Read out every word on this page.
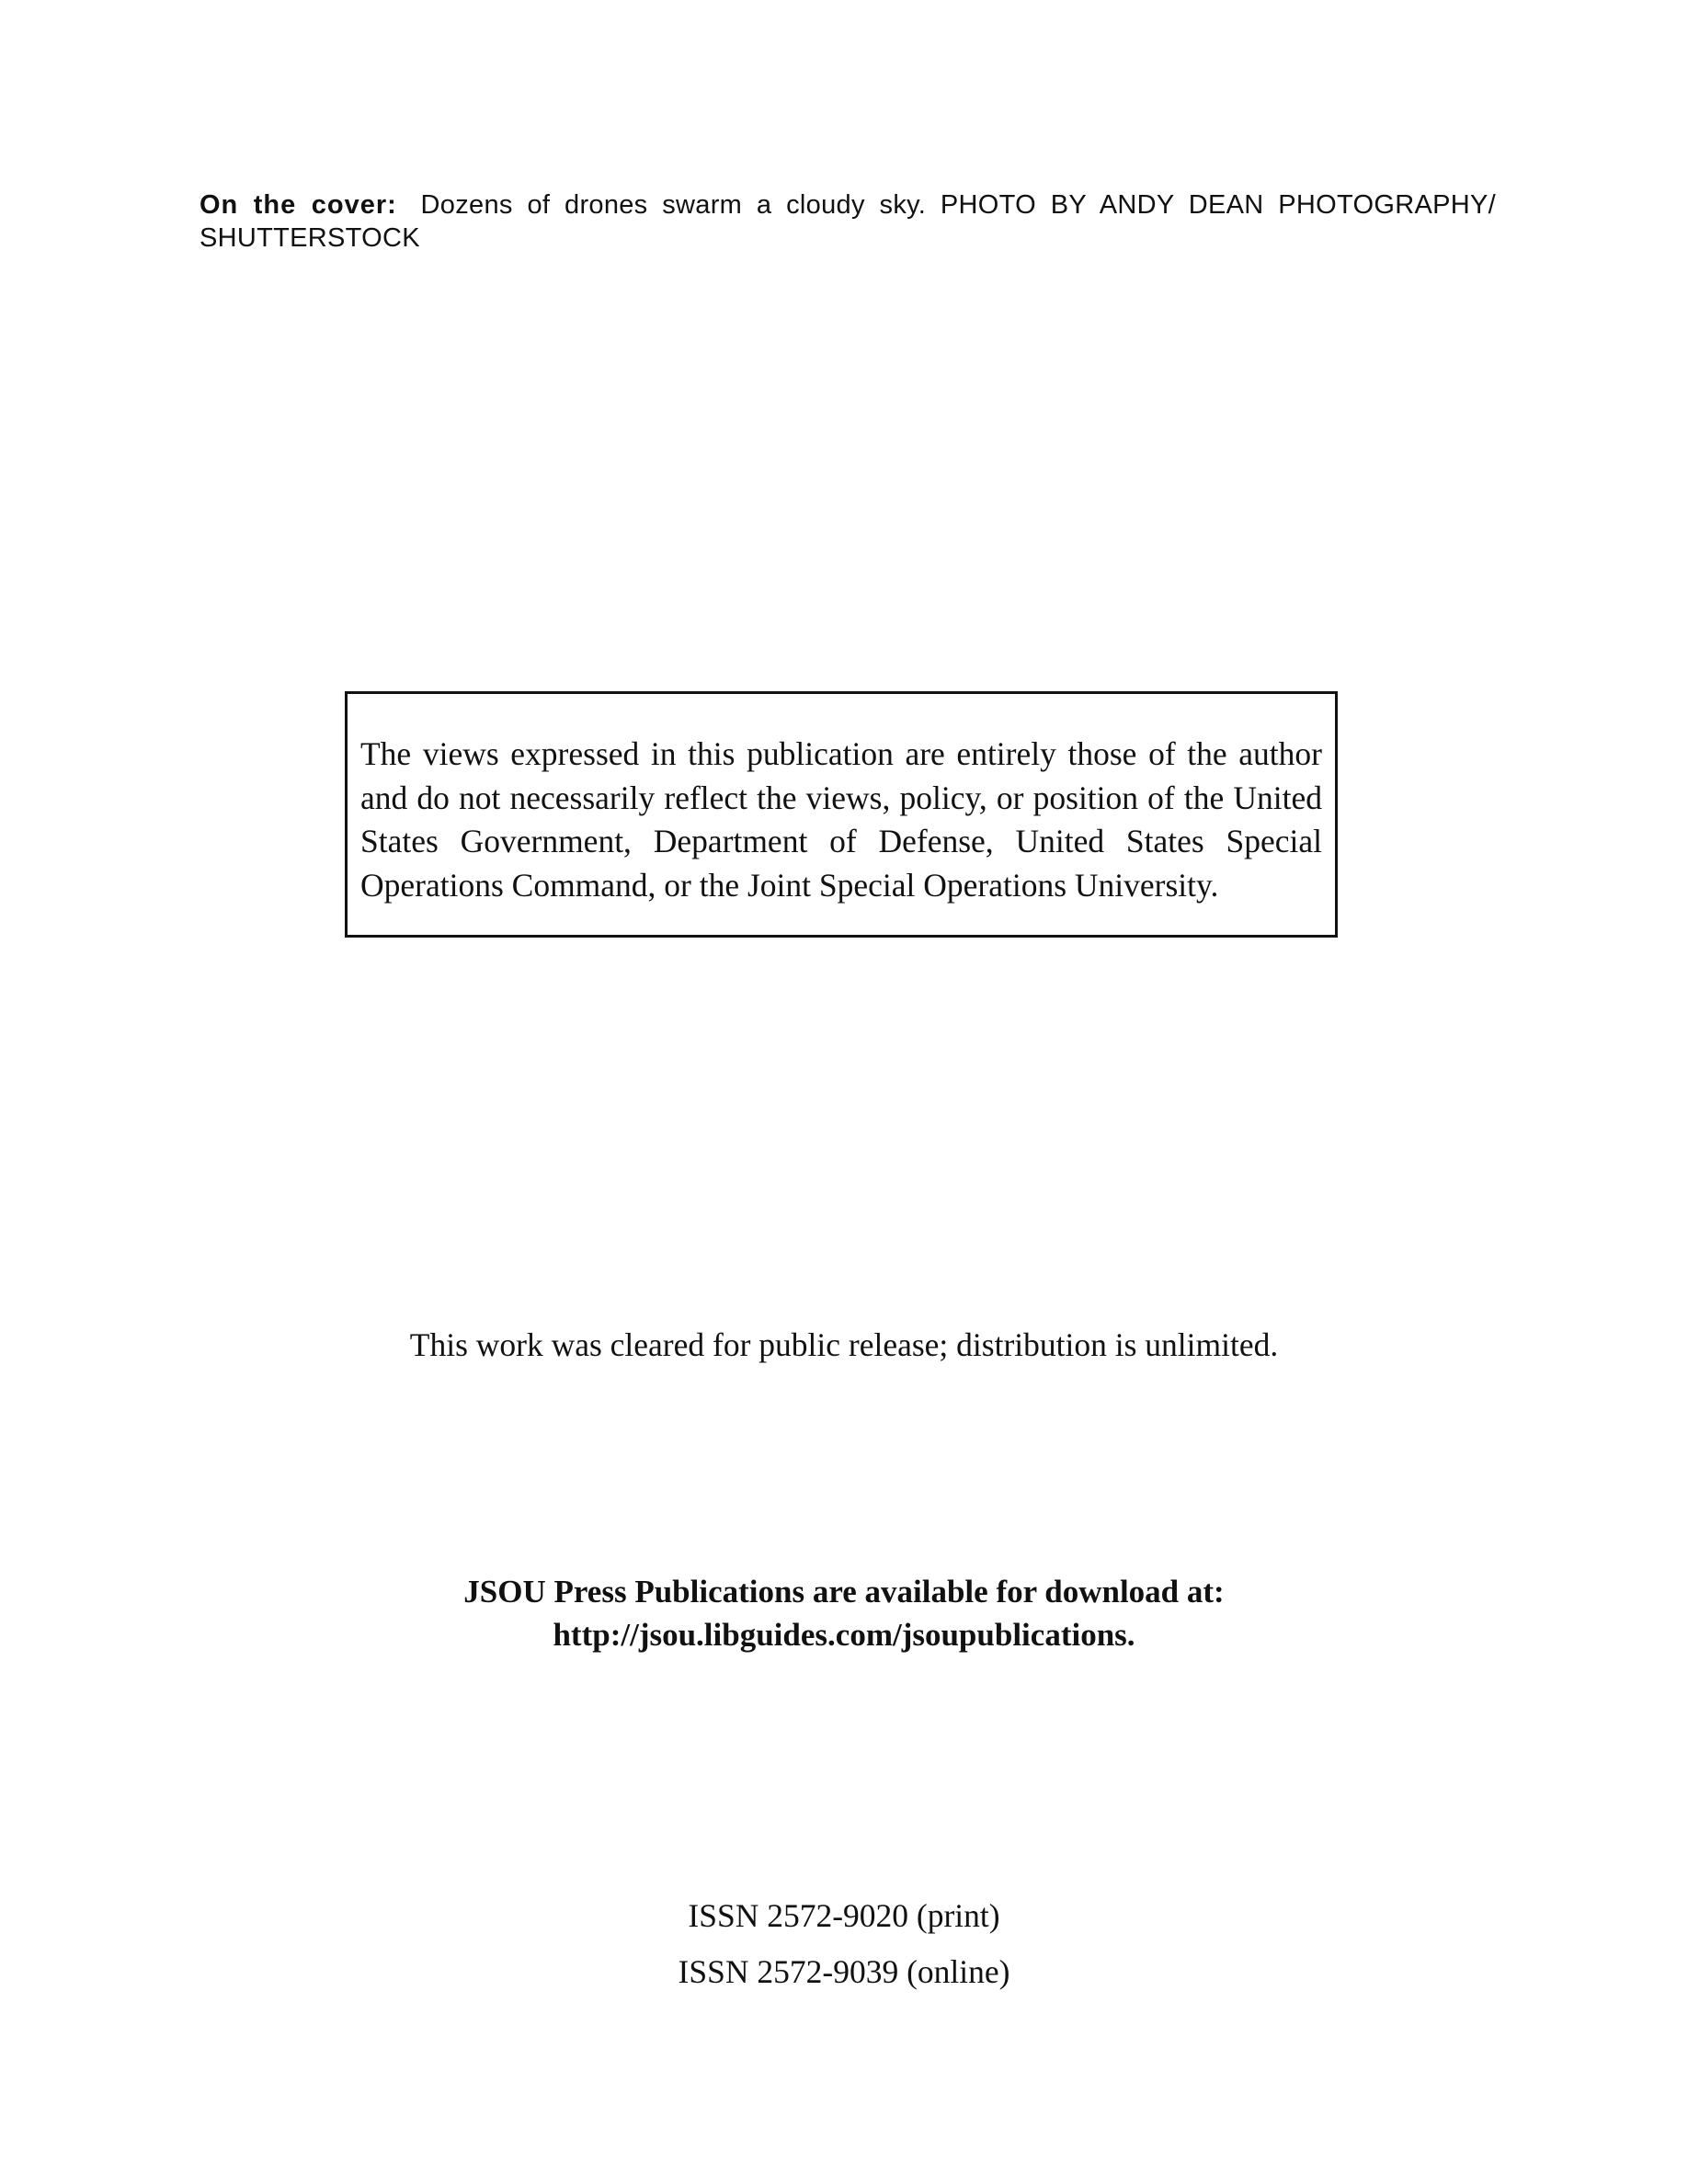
On the cover: Dozens of drones swarm a cloudy sky. PHOTO BY ANDY DEAN PHOTOGRAPHY/ SHUTTERSTOCK

The views expressed in this publication are entirely those of the author and do not necessarily reflect the views, policy, or position of the United States Government, Department of Defense, United States Special Operations Command, or the Joint Special Operations University.

This work was cleared for public release; distribution is unlimited.
JSOU Press Publications are available for download at:
http://jsou.libguides.com/jsoupublications.
ISSN 2572-9020 (print)
ISSN 2572-9039 (online)
